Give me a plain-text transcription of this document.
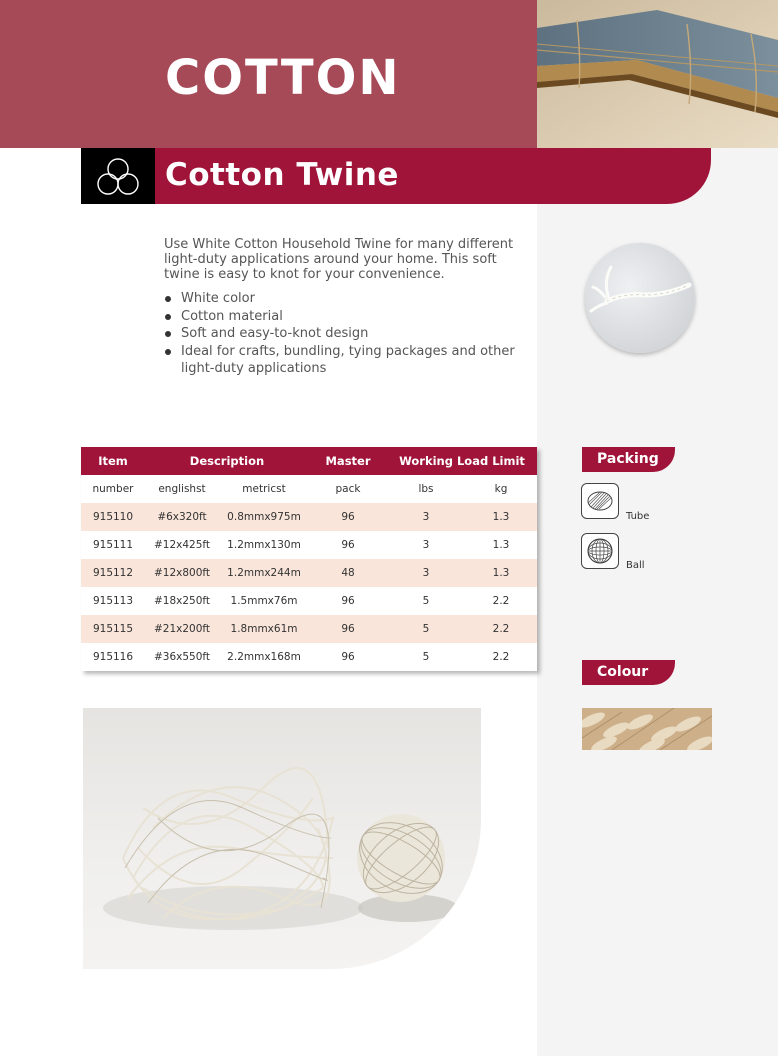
COTTON
Cotton Twine
Use White Cotton Household Twine for many different light-duty applications around your home. This soft twine is easy to knot for your convenience.
White color
Cotton material
Soft and easy-to-knot design
Ideal for crafts, bundling, tying packages and other light-duty applications
Item	Description		Master	Working Load Limit	
number	englishst	metricst	pack	lbs	kg
915110	#6x320ft	0.8mmx975m	96	3	1.3
915111	#12x425ft	1.2mmx130m	96	3	1.3
915112	#12x800ft	1.2mmx244m	48	3	1.3
915113	#18x250ft	1.5mmx76m	96	5	2.2
915115	#21x200ft	1.8mmx61m	96	5	2.2
915116	#36x550ft	2.2mmx168m	96	5	2.2
Packing
Tube
Ball
Colour
